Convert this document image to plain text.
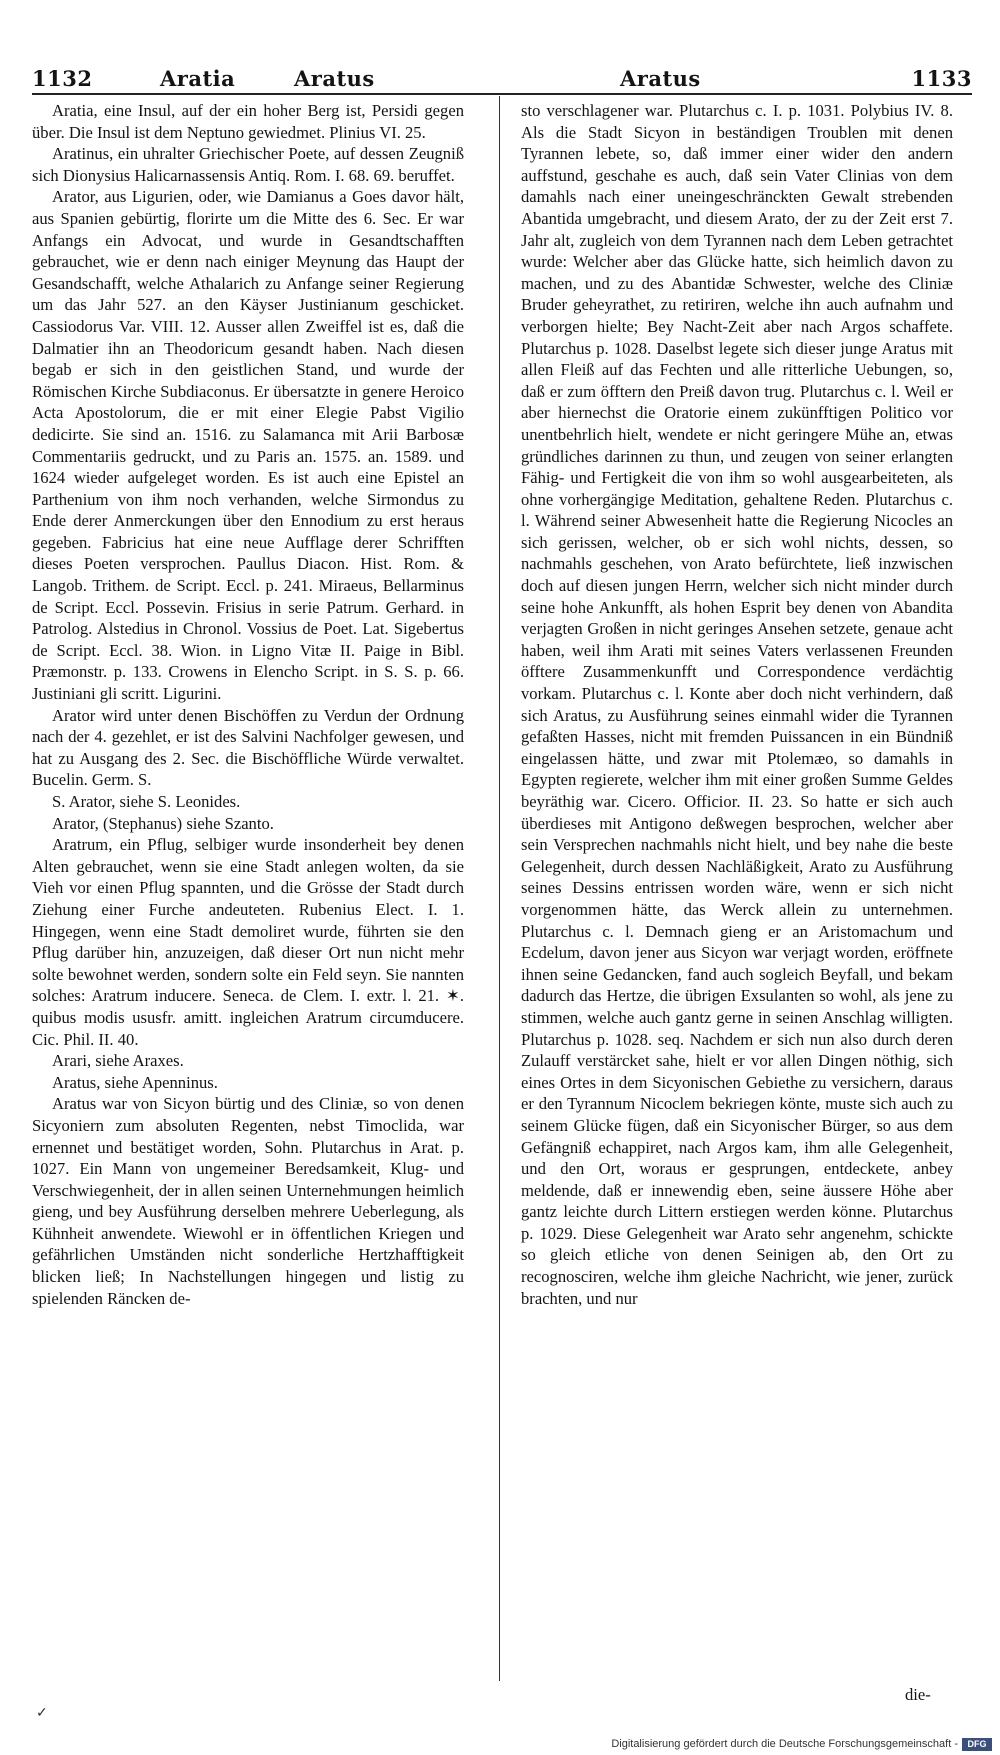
1132	Aratia	Aratus	Aratus	1133

Aratia, eine Insul, auf der ein hoher Berg ist, Persidi gegen über. Die Insul ist dem Neptuno gewiedmet. Plinius VI. 25.

Aratinus, ein uhralter Griechischer Poete, auf dessen Zeugniß sich Dionysius Halicarnassensis Antiq. Rom. I. 68. 69. beruffet.

Arator, aus Ligurien, oder, wie Damianus a Goes davor hält, aus Spanien gebürtig, florirte um die Mitte des 6. Sec. Er war Anfangs ein Advocat, und wurde in Gesandtschafften gebrauchet, wie er denn nach einiger Meynung das Haupt der Gesandschafft, welche Athalarich zu Anfange seiner Regierung um das Jahr 527. an den Käyser Justinianum geschicket. Cassiodorus Var. VIII. 12. Ausser allen Zweiffel ist es, daß die Dalmatier ihn an Theodoricum gesandt haben. Nach diesen begab er sich in den geistlichen Stand, und wurde der Römischen Kirche Subdiaconus. Er übersatzte in genere Heroico Acta Apostolorum, die er mit einer Elegie Pabst Vigilio dedicirte. Sie sind an. 1516. zu Salamanca mit Arii Barbosæ Commentariis gedruckt, und zu Paris an. 1575. an. 1589. und 1624 wieder aufgeleget worden. Es ist auch eine Epistel an Parthenium von ihm noch verhanden, welche Sirmondus zu Ende derer Anmerckungen über den Ennodium zu erst heraus gegeben. Fabricius hat eine neue Aufflage derer Schrifften dieses Poeten versprochen. Paullus Diacon. Hist. Rom. & Langob. Trithem. de Script. Eccl. p. 241. Miraeus, Bellarminus de Script. Eccl. Possevin. Frisius in serie Patrum. Gerhard. in Patrolog. Alstedius in Chronol. Vossius de Poet. Lat. Sigebertus de Script. Eccl. 38. Wion. in Ligno Vitæ II. Paige in Bibl. Præmonstr. p. 133. Crowens in Elencho Script. in S. S. p. 66. Justiniani gli scritt. Ligurini.

Arator wird unter denen Bischöffen zu Verdun der Ordnung nach der 4. gezehlet, er ist des Salvini Nachfolger gewesen, und hat zu Ausgang des 2. Sec. die Bischöffliche Würde verwaltet. Bucelin. Germ. S.

S. Arator, siehe S. Leonides.

Arator, (Stephanus) siehe Szanto.

Aratrum, ein Pflug, selbiger wurde insonderheit bey denen Alten gebrauchet, wenn sie eine Stadt anlegen wolten, da sie Vieh vor einen Pflug spannten, und die Grösse der Stadt durch Ziehung einer Furche andeuteten. Rubenius Elect. I. 1. Hingegen, wenn eine Stadt demoliret wurde, führten sie den Pflug darüber hin, anzuzeigen, daß dieser Ort nun nicht mehr solte bewohnet werden, sondern solte ein Feld seyn. Sie nannten solches: Aratrum inducere. Seneca. de Clem. I. extr. l. 21. ✶. quibus modis ususfr. amitt. ingleichen Aratrum circumducere. Cic. Phil. II. 40.

Arari, siehe Araxes.

Aratus, siehe Apenninus.

Aratus war von Sicyon bürtig und des Cliniæ, so von denen Sicyoniern zum absoluten Regenten, nebst Timoclida, war ernennet und bestätiget worden, Sohn. Plutarchus in Arat. p. 1027. Ein Mann von ungemeiner Beredsamkeit, Klug- und Verschwiegenheit, der in allen seinen Unternehmungen heimlich gieng, und bey Ausführung derselben mehrere Ueberlegung, als Kühnheit anwendete. Wiewohl er in öffentlichen Kriegen und gefährlichen Umständen nicht sonderliche Hertzhafftigkeit blicken ließ; In Nachstellungen hingegen und listig zu spielenden Räncken de-

sto verschlagener war. Plutarchus c. I. p. 1031. Polybius IV. 8. Als die Stadt Sicyon in beständigen Troublen mit denen Tyrannen lebete, so, daß immer einer wider den andern auffstund, geschahe es auch, daß sein Vater Clinias von dem damahls nach einer uneingeschränckten Gewalt strebenden Abantida umgebracht, und diesem Arato, der zu der Zeit erst 7. Jahr alt, zugleich von dem Tyrannen nach dem Leben getrachtet wurde: Welcher aber das Glücke hatte, sich heimlich davon zu machen, und zu des Abantidæ Schwester, welche des Cliniæ Bruder geheyrathet, zu retiriren, welche ihn auch aufnahm und verborgen hielte; Bey Nacht-Zeit aber nach Argos schaffete. Plutarchus p. 1028. Daselbst legete sich dieser junge Aratus mit allen Fleiß auf das Fechten und alle ritterliche Uebungen, so, daß er zum öfftern den Preiß davon trug. Plutarchus c. l. Weil er aber hiernechst die Oratorie einem zukünfftigen Politico vor unentbehrlich hielt, wendete er nicht geringere Mühe an, etwas gründliches darinnen zu thun, und zeugen von seiner erlangten Fähig- und Fertigkeit die von ihm so wohl ausgearbeiteten, als ohne vorhergängige Meditation, gehaltene Reden. Plutarchus c. l. Während seiner Abwesenheit hatte die Regierung Nicocles an sich gerissen, welcher, ob er sich wohl nichts, dessen, so nachmahls geschehen, von Arato befürchtete, ließ inzwischen doch auf diesen jungen Herrn, welcher sich nicht minder durch seine hohe Ankunfft, als hohen Esprit bey denen von Abandita verjagten Großen in nicht geringes Ansehen setzete, genaue acht haben, weil ihm Arati mit seines Vaters verlassenen Freunden öfftere Zusammenkunfft und Correspondence verdächtig vorkam. Plutarchus c. l. Konte aber doch nicht verhindern, daß sich Aratus, zu Ausführung seines einmahl wider die Tyrannen gefaßten Hasses, nicht mit fremden Puissancen in ein Bündniß eingelassen hätte, und zwar mit Ptolemæo, so damahls in Egypten regierete, welcher ihm mit einer großen Summe Geldes beyräthig war. Cicero. Officior. II. 23. So hatte er sich auch überdieses mit Antigono deßwegen besprochen, welcher aber sein Versprechen nachmahls nicht hielt, und bey nahe die beste Gelegenheit, durch dessen Nachläßigkeit, Arato zu Ausführung seines Dessins entrissen worden wäre, wenn er sich nicht vorgenommen hätte, das Werck allein zu unternehmen. Plutarchus c. l. Demnach gieng er an Aristomachum und Ecdelum, davon jener aus Sicyon war verjagt worden, eröffnete ihnen seine Gedancken, fand auch sogleich Beyfall, und bekam dadurch das Hertze, die übrigen Exsulanten so wohl, als jene zu stimmen, welche auch gantz gerne in seinen Anschlag willigten. Plutarchus p. 1028. seq. Nachdem er sich nun also durch deren Zulauff verstärcket sahe, hielt er vor allen Dingen nöthig, sich eines Ortes in dem Sicyonischen Gebiethe zu versichern, daraus er den Tyrannum Nicoclem bekriegen könte, muste sich auch zu seinem Glücke fügen, daß ein Sicyonischer Bürger, so aus dem Gefängniß echappiret, nach Argos kam, ihm alle Gelegenheit, und den Ort, woraus er gesprungen, entdeckete, anbey meldende, daß er innewendig eben, seine äussere Höhe aber gantz leichte durch Littern erstiegen werden könne. Plutarchus p. 1029. Diese Gelegenheit war Arato sehr angenehm, schickte so gleich etliche von denen Seinigen ab, den Ort zu recognosciren, welche ihm gleiche Nachricht, wie jener, zurück brachten, und nur

die-
✓
Digitalisierung gefördert durch die Deutsche Forschungsgemeinschaft -	DFG
